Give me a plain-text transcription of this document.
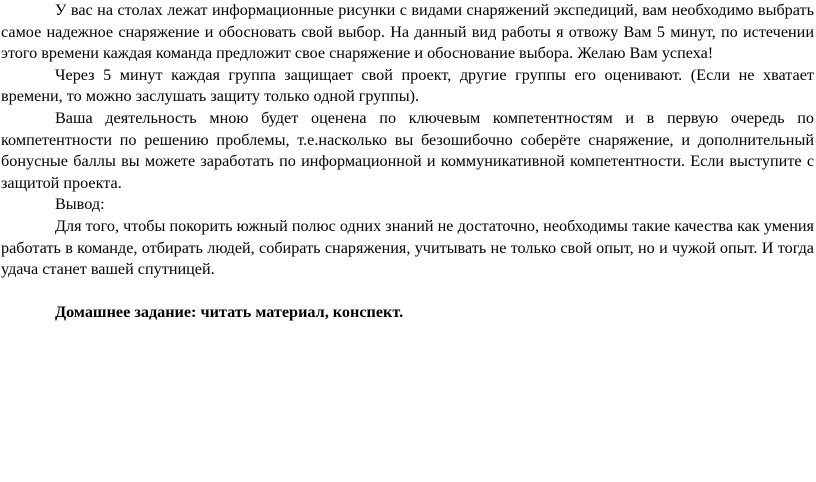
У вас на столах лежат информационные рисунки с видами снаряжений экспедиций, вам необходимо выбрать самое надежное снаряжение и обосновать свой выбор. На данный вид работы я отвожу Вам 5 минут, по истечении этого времени каждая команда предложит свое снаряжение и обоснование выбора. Желаю Вам успеха!

Через 5 минут каждая группа защищает свой проект, другие группы его оценивают. (Если не хватает времени, то можно заслушать защиту только одной группы).

Ваша деятельность мною будет оценена по ключевым компетентностям и в первую очередь по компетентности по решению проблемы, т.е.насколько вы безошибочно соберёте снаряжение, и дополнительный бонусные баллы вы можете заработать по информационной и коммуникативной компетентности. Если выступите с защитой проекта.

Вывод:

Для того, чтобы покорить южный полюс одних знаний не достаточно, необходимы такие качества как умения работать в команде, отбирать людей, собирать снаряжения, учитывать не только свой опыт, но и чужой опыт. И тогда удача станет вашей спутницей.

Домашнее задание: читать материал, конспект.
